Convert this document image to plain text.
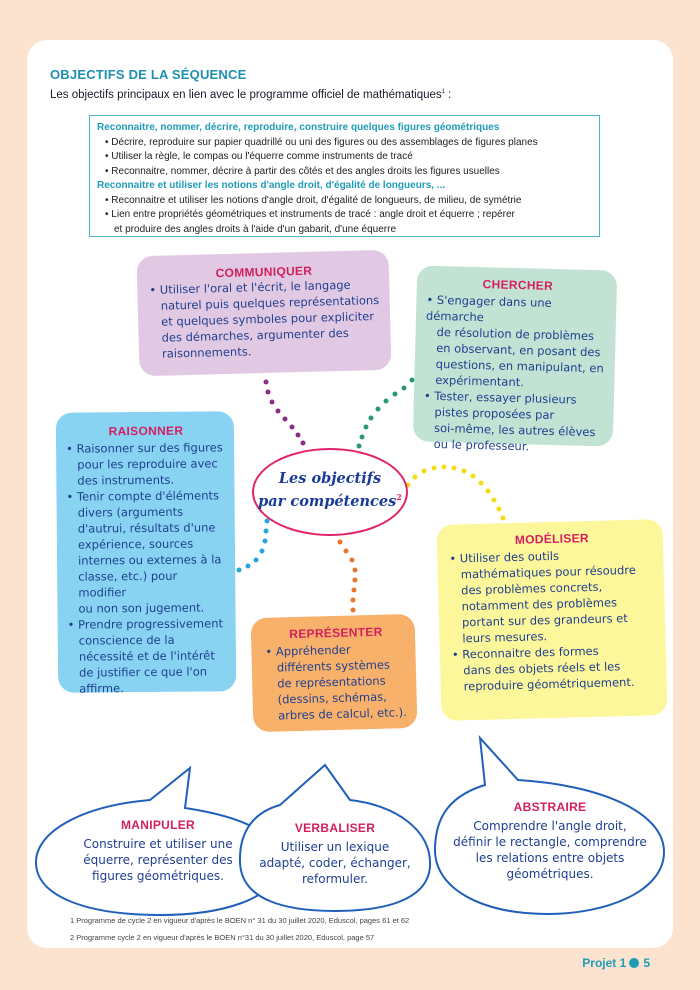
OBJECTIFS DE LA SÉQUENCE
Les objectifs principaux en lien avec le programme officiel de mathématiques$^1$ :
Reconnaitre, nommer, décrire, reproduire, construire quelques figures géométriques
• Décrire, reproduire sur papier quadrillé ou uni des figures ou des assemblages de figures planes
• Utiliser la règle, le compas ou l'équerre comme instruments de tracé
• Reconnaitre, nommer, décrire à partir des côtés et des angles droits les figures usuelles
Reconnaitre et utiliser les notions d'angle droit, d'égalité de longueurs, ...
• Reconnaitre et utiliser les notions d'angle droit, d'égalité de longueurs, de milieu, de symétrie
• Lien entre propriétés géométriques et instruments de tracé : angle droit et équerre ; repérer
et produire des angles droits à l'aide d'un gabarit, d'une équerre
COMMUNIQUER
• Utiliser l'oral et l'écrit, le langage
naturel puis quelques représentations
et quelques symboles pour expliciter
des démarches, argumenter des
raisonnements.
CHERCHER
• S'engager dans une démarche
de résolution de problèmes
en observant, en posant des
questions, en manipulant, en
expérimentant.
• Tester, essayer plusieurs
pistes proposées par
soi-même, les autres élèves
ou le professeur.
RAISONNER
• Raisonner sur des figures
pour les reproduire avec
des instruments.
• Tenir compte d'éléments
divers (arguments
d'autrui, résultats d'une
expérience, sources
internes ou externes à la
classe, etc.) pour modifier
ou non son jugement.
• Prendre progressivement
conscience de la
nécessité et de l'intérêt
de justifier ce que l'on
affirme.
MODÉLISER
• Utiliser des outils
mathématiques pour résoudre
des problèmes concrets,
notamment des problèmes
portant sur des grandeurs et
leurs mesures.
• Reconnaitre des formes
dans des objets réels et les
reproduire géométriquement.
REPRÉSENTER
• Appréhender
différents systèmes
de représentations
(dessins, schémas,
arbres de calcul, etc.).
Les objectifs
par compétences$^2$
MANIPULER
Construire et utiliser une
équerre, représenter des
figures géométriques.
VERBALISER
Utiliser un lexique
adapté, coder, échanger,
reformuler.
ABSTRAIRE
Comprendre l'angle droit,
définir le rectangle, comprendre
les relations entre objets
géométriques.
1 Programme de cycle 2 en vigueur d'après le BOEN n° 31 du 30 juillet 2020, Eduscol, pages 61 et 62
2 Programme cycle 2 en vigueur d'après le BOEN n°31 du 30 juillet 2020, Eduscol, page 57
Projet 1 5
